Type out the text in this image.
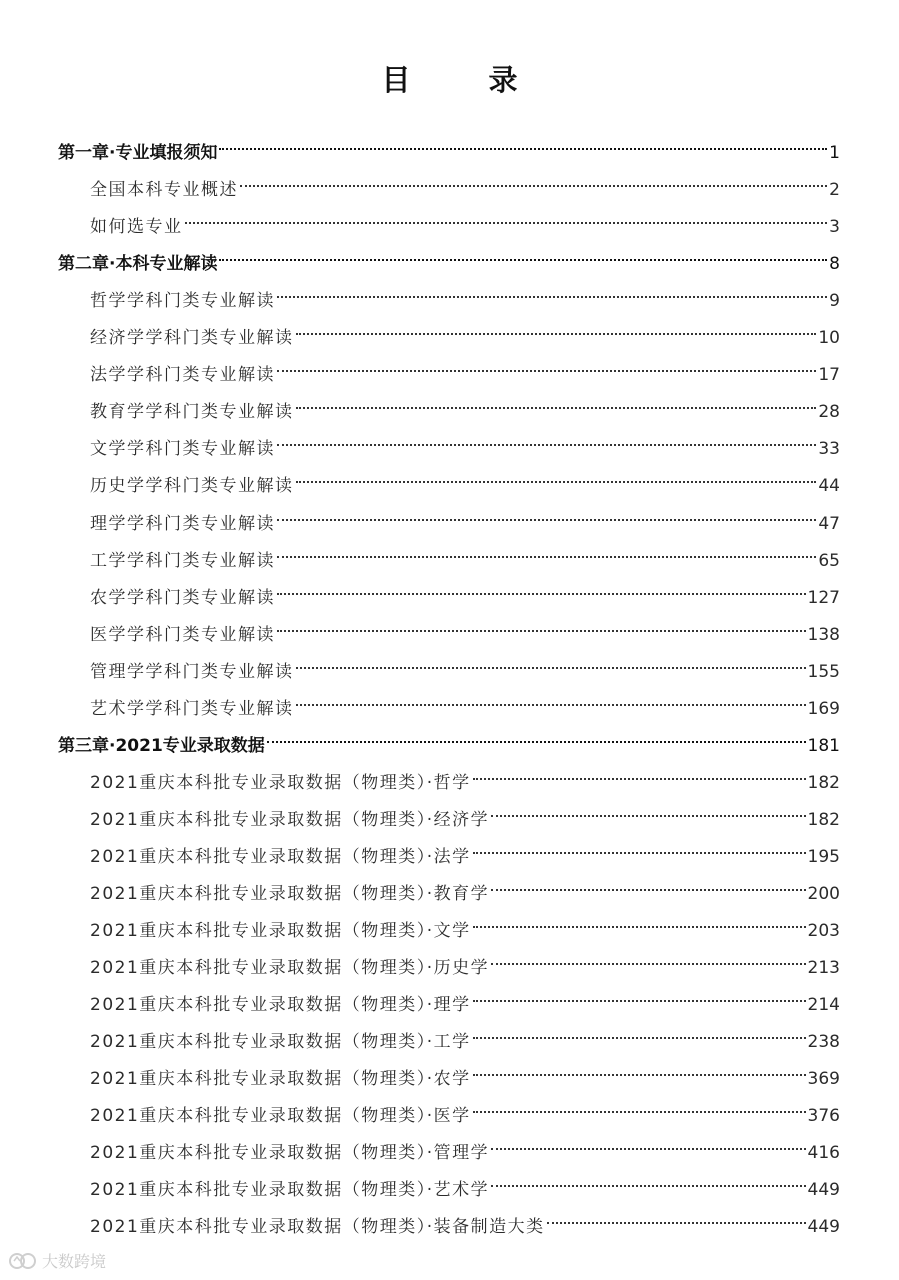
目 录
第一章·专业填报须知	1
全国本科专业概述	2
如何选专业	3
第二章·本科专业解读	8
哲学学科门类专业解读	9
经济学学科门类专业解读	10
法学学科门类专业解读	17
教育学学科门类专业解读	28
文学学科门类专业解读	33
历史学学科门类专业解读	44
理学学科门类专业解读	47
工学学科门类专业解读	65
农学学科门类专业解读	127
医学学科门类专业解读	138
管理学学科门类专业解读	155
艺术学学科门类专业解读	169
第三章·2021专业录取数据	181
2021重庆本科批专业录取数据（物理类）·哲学	182
2021重庆本科批专业录取数据（物理类）·经济学	182
2021重庆本科批专业录取数据（物理类）·法学	195
2021重庆本科批专业录取数据（物理类）·教育学	200
2021重庆本科批专业录取数据（物理类）·文学	203
2021重庆本科批专业录取数据（物理类）·历史学	213
2021重庆本科批专业录取数据（物理类）·理学	214
2021重庆本科批专业录取数据（物理类）·工学	238
2021重庆本科批专业录取数据（物理类）·农学	369
2021重庆本科批专业录取数据（物理类）·医学	376
2021重庆本科批专业录取数据（物理类）·管理学	416
2021重庆本科批专业录取数据（物理类）·艺术学	449
2021重庆本科批专业录取数据（物理类）·装备制造大类	449
大数跨境
